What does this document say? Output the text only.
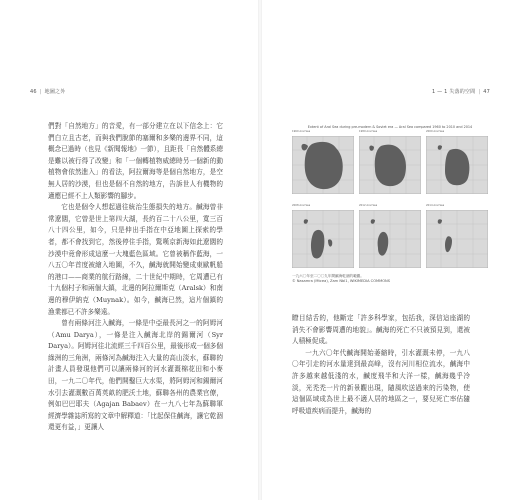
46 | 地圖之外

們對「自然地方」的音愛，有一部分建立在以下信念上：它們白立且古老，而與我們脫節的塞爾和多樂的邊界不同，這概念已過時（也見《新聞報地》一節），且距長「自然體系總是難以被行得了改變」和「一個轉植物威總時另一個新的動植物會依然進入」的看法，阿拉爾海等是個自然地方，是空無人居的沙漠，但也是個不自然的地方，告訴世人有機物的適應已經不上人類影響的腳步。

它也是個令人想起過往統治生態損失的地方。鹹海曾非常遼闊，它曾是世上第四大湖，長約百二十八公里，寬三百八十四公里，如今，只是伸出手指在中亞地圖上探索的學者，都不會找到它，然後停住手指，驚嘆京新海如此遼闊的沙漠中竟會形成這麼一大塊藍色區域。它曾被稱作藍海，一八五〇年首度被繪入地圖，不久，鹹海就開始變成東歐帆船的港口——商業的航行路線，二十世紀中期時，它周遭已有十九個村子和兩個大鎮，北邊的阿拉爾斯克（Aralsk）和南邊的穆伊納克（Muynak）。如今，鹹海已然，這片個鎮的漁業都已不許多樂遠。

曾有兩條河注入鹹海，一條是中亞最長河之一的阿姆河（Amu Darya），一條是注入鹹海北岸的錫爾河（Syr Darya）。阿姆河往北流經三千四百公里，最後形成一個多個綠洲的三角洲，兩條河為鹹海注入大量的高山淡水，蘇聯的計畫人員發現他們可以讓兩條河的河水灌溉棉花田和小麥田，一九二〇年代，他們開鑿巨大水渠，將阿姆河和錫爾河水引去灌溉數百萬英畝的肥沃土地，蘇聯各州的農業官僚，例如巴巴耶夫（Agajan Babaev）在一九八七年為蘇聯軍經濟學雜誌所寫的文章中解釋道：「比起保住鹹海，讓它乾涸還更有益，」更讓人

1 — 1 失落的空間 | 47
Extent of Aral Sea during pre-modern & Soviet era — Aral Sea compared 1960 to 2010 and 2014
1960 Aral Sea	1989 Aral Sea	2000 Aral Sea
2008 Aral Sea	2012 Aral Sea	2014 Aral Sea
一九六〇年至二〇〇九年間鹹海乾涸的範圍。
© Nasamra (Mtcea), Zam Nbl1, WIKIMEDIA COMMONS

瞭目結舌的，他斷定「許多科學家，包括我，深信這座湖的消失不會影響周遭的地貌」。鹹海的死亡不只被預見到，還被人積極促成。

一九六〇年代鹹海開始萎縮時，引水灌溉未停，一九八〇年引走的河水量達到最高峰，沒有河川相位流水，鹹海中許多越來越低淺的水，鹹度飛半和大洋一樣，鹹海幾乎冷淡，光禿禿一片的新景觀出現，隨風吹送過來的污染物，使這個區域成為世上最不適人居的地區之一，要兒死亡率佔隨呼吸道疾病而提升，鹹海的
